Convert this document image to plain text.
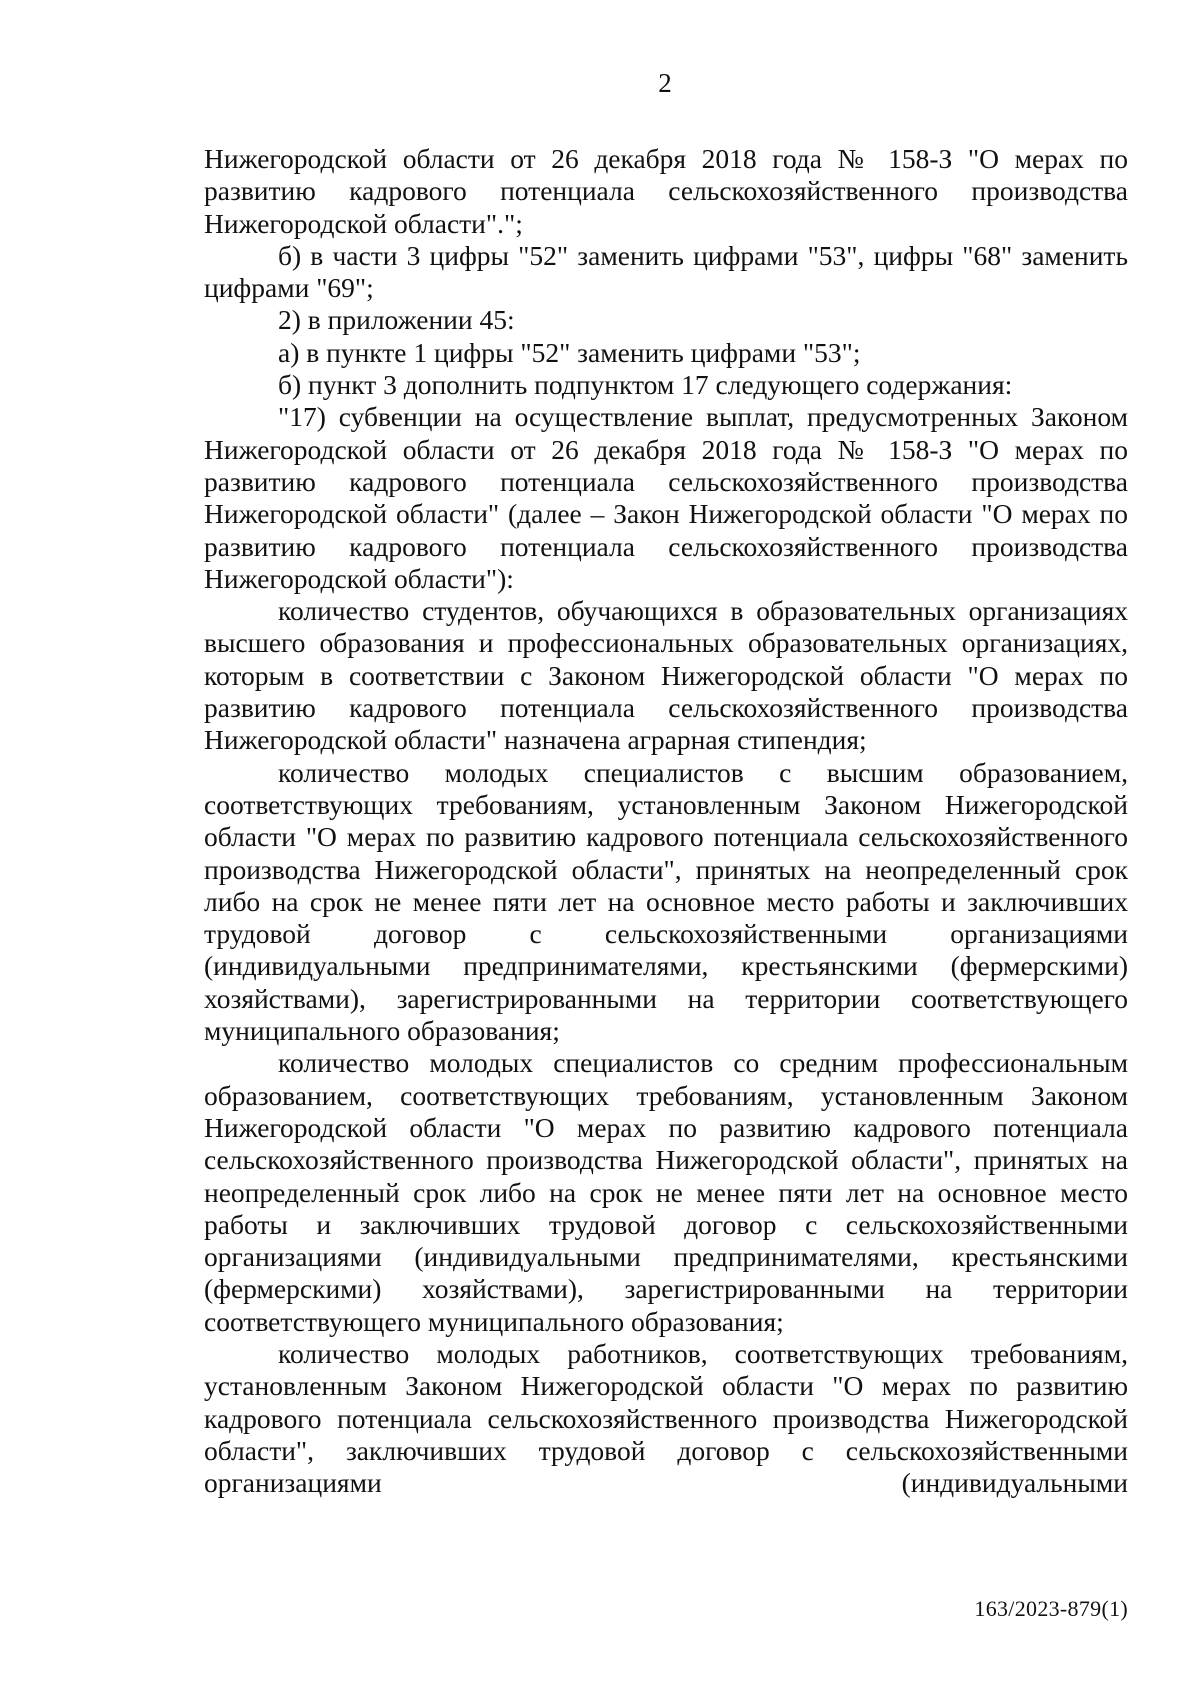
2

Нижегородской области от 26 декабря 2018 года № 158-З "О мерах по развитию кадрового потенциала сельскохозяйственного производства Нижегородской области".";

б) в части 3 цифры "52" заменить цифрами "53", цифры "68" заменить цифрами "69";

2) в приложении 45:

а) в пункте 1 цифры "52" заменить цифрами "53";

б) пункт 3 дополнить подпунктом 17 следующего содержания:

"17) субвенции на осуществление выплат, предусмотренных Законом Нижегородской области от 26 декабря 2018 года № 158-З "О мерах по развитию кадрового потенциала сельскохозяйственного производства Нижегородской области" (далее – Закон Нижегородской области "О мерах по развитию кадрового потенциала сельскохозяйственного производства Нижегородской области"):

количество студентов, обучающихся в образовательных организациях высшего образования и профессиональных образовательных организациях, которым в соответствии с Законом Нижегородской области "О мерах по развитию кадрового потенциала сельскохозяйственного производства Нижегородской области" назначена аграрная стипендия;

количество молодых специалистов с высшим образованием, соответствующих требованиям, установленным Законом Нижегородской области "О мерах по развитию кадрового потенциала сельскохозяйственного производства Нижегородской области", принятых на неопределенный срок либо на срок не менее пяти лет на основное место работы и заключивших трудовой договор с сельскохозяйственными организациями (индивидуальными предпринимателями, крестьянскими (фермерскими) хозяйствами), зарегистрированными на территории соответствующего муниципального образования;

количество молодых специалистов со средним профессиональным образованием, соответствующих требованиям, установленным Законом Нижегородской области "О мерах по развитию кадрового потенциала сельскохозяйственного производства Нижегородской области", принятых на неопределенный срок либо на срок не менее пяти лет на основное место работы и заключивших трудовой договор с сельскохозяйственными организациями (индивидуальными предпринимателями, крестьянскими (фермерскими) хозяйствами), зарегистрированными на территории соответствующего муниципального образования;

количество молодых работников, соответствующих требованиям, установленным Законом Нижегородской области "О мерах по развитию кадрового потенциала сельскохозяйственного производства Нижегородской области", заключивших трудовой договор с сельскохозяйственными организациями (индивидуальными

163/2023-879(1)
